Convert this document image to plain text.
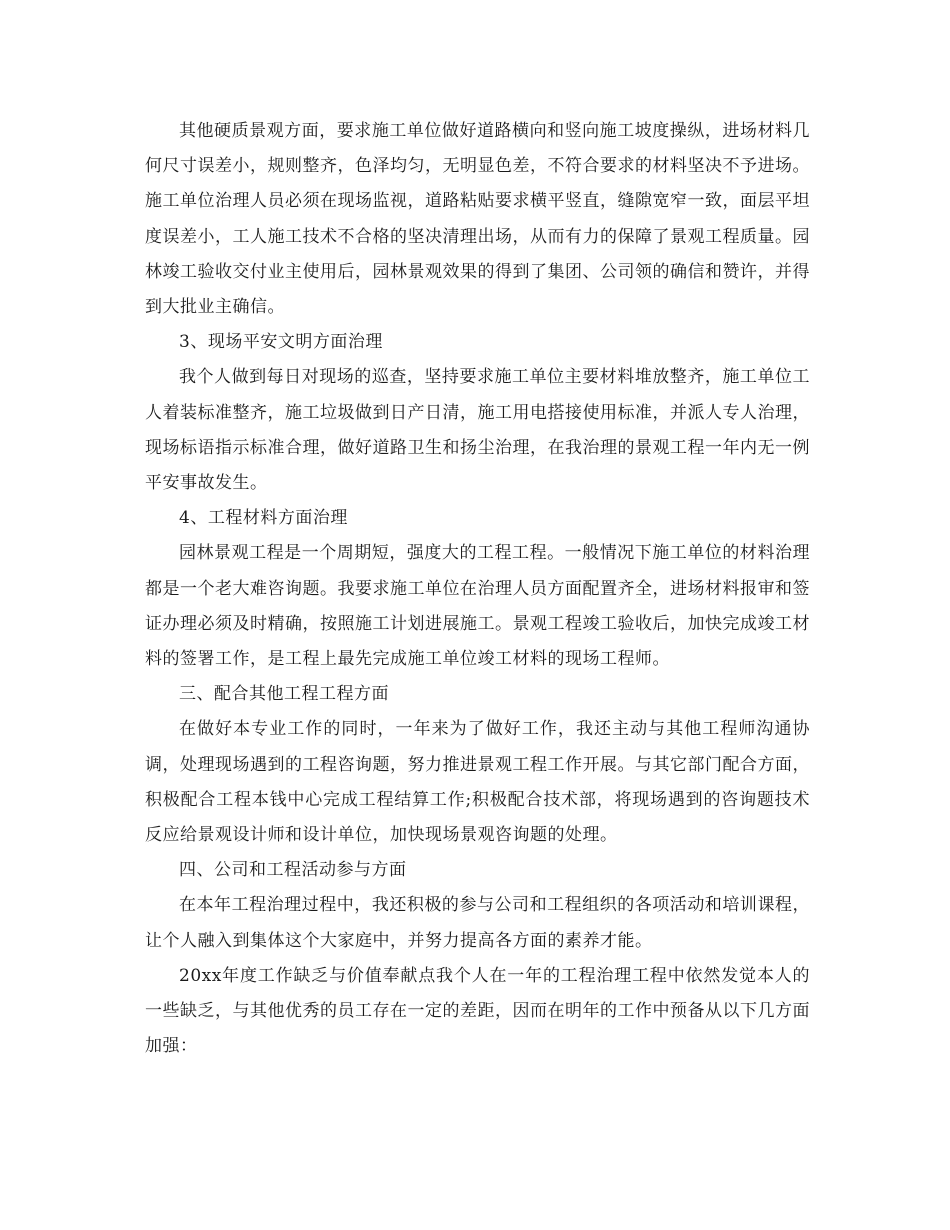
其他硬质景观方面，要求施工单位做好道路横向和竖向施工坡度操纵，进场材料几何尺寸误差小，规则整齐，色泽均匀，无明显色差，不符合要求的材料坚决不予进场。施工单位治理人员必须在现场监视，道路粘贴要求横平竖直，缝隙宽窄一致，面层平坦度误差小，工人施工技术不合格的坚决清理出场，从而有力的保障了景观工程质量。园林竣工验收交付业主使用后，园林景观效果的得到了集团、公司领的确信和赞许，并得到大批业主确信。

3、现场平安文明方面治理

我个人做到每日对现场的巡查，坚持要求施工单位主要材料堆放整齐，施工单位工人着装标准整齐，施工垃圾做到日产日清，施工用电搭接使用标准，并派人专人治理，现场标语指示标准合理，做好道路卫生和扬尘治理，在我治理的景观工程一年内无一例平安事故发生。

4、工程材料方面治理

园林景观工程是一个周期短，强度大的工程工程。一般情况下施工单位的材料治理都是一个老大难咨询题。我要求施工单位在治理人员方面配置齐全，进场材料报审和签证办理必须及时精确，按照施工计划进展施工。景观工程竣工验收后，加快完成竣工材料的签署工作，是工程上最先完成施工单位竣工材料的现场工程师。

三、配合其他工程工程方面

在做好本专业工作的同时，一年来为了做好工作，我还主动与其他工程师沟通协调，处理现场遇到的工程咨询题，努力推进景观工程工作开展。与其它部门配合方面，积极配合工程本钱中心完成工程结算工作;积极配合技术部，将现场遇到的咨询题技术反应给景观设计师和设计单位，加快现场景观咨询题的处理。

四、公司和工程活动参与方面

在本年工程治理过程中，我还积极的参与公司和工程组织的各项活动和培训课程，让个人融入到集体这个大家庭中，并努力提高各方面的素养才能。

20xx年度工作缺乏与价值奉献点我个人在一年的工程治理工程中依然发觉本人的一些缺乏，与其他优秀的员工存在一定的差距，因而在明年的工作中预备从以下几方面加强：
